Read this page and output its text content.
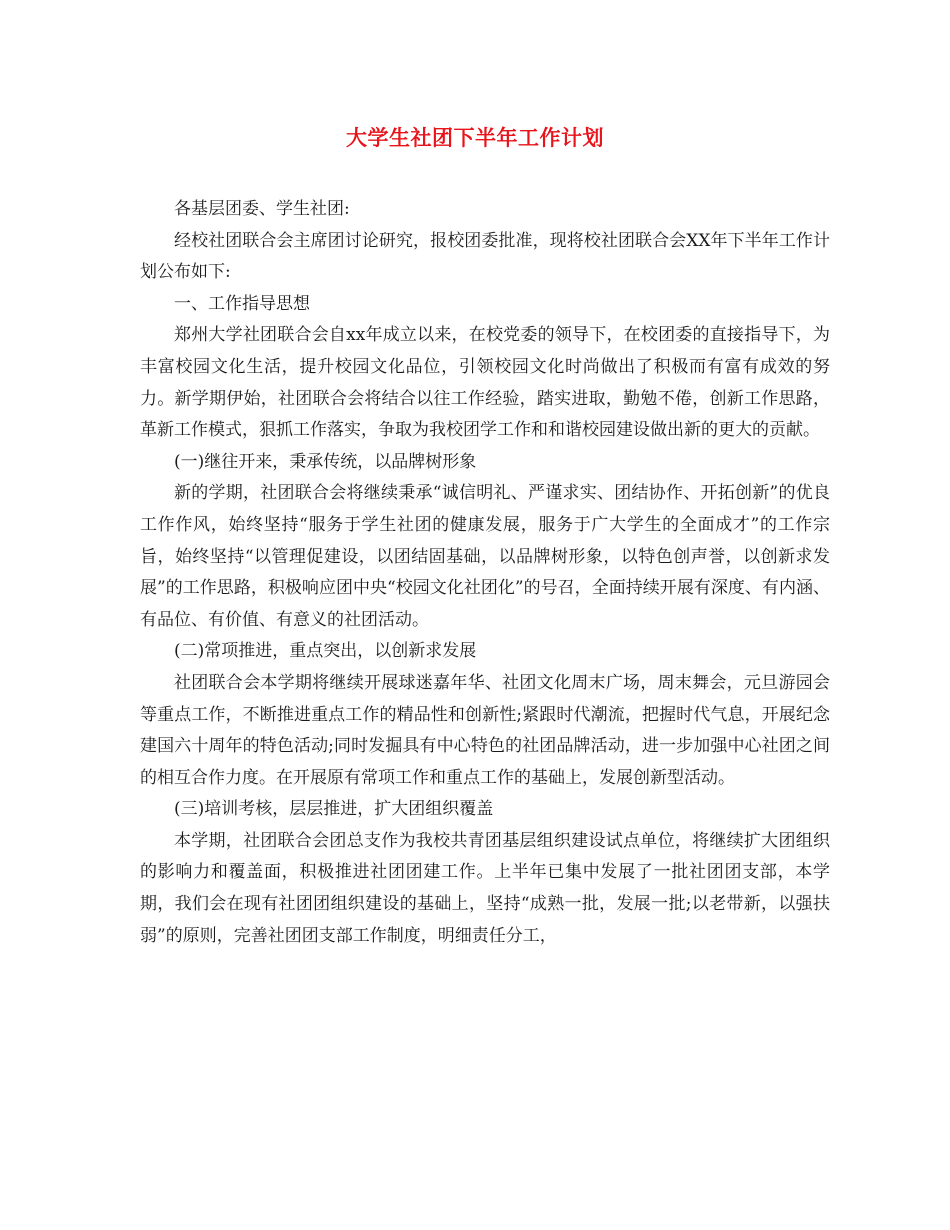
大学生社团下半年工作计划

各基层团委、学生社团:

经校社团联合会主席团讨论研究，报校团委批准，现将校社团联合会XX年下半年工作计划公布如下:

一、工作指导思想

郑州大学社团联合会自xx年成立以来，在校党委的领导下，在校团委的直接指导下，为丰富校园文化生活，提升校园文化品位，引领校园文化时尚做出了积极而有富有成效的努力。新学期伊始，社团联合会将结合以往工作经验，踏实进取，勤勉不倦，创新工作思路，革新工作模式，狠抓工作落实，争取为我校团学工作和和谐校园建设做出新的更大的贡献。

(一)继往开来，秉承传统，以品牌树形象

新的学期，社团联合会将继续秉承“诚信明礼、严谨求实、团结协作、开拓创新”的优良工作作风，始终坚持“服务于学生社团的健康发展，服务于广大学生的全面成才”的工作宗旨，始终坚持“以管理促建设，以团结固基础，以品牌树形象，以特色创声誉，以创新求发展”的工作思路，积极响应团中央“校园文化社团化”的号召，全面持续开展有深度、有内涵、有品位、有价值、有意义的社团活动。

(二)常项推进，重点突出，以创新求发展

社团联合会本学期将继续开展球迷嘉年华、社团文化周末广场，周末舞会，元旦游园会等重点工作，不断推进重点工作的精品性和创新性;紧跟时代潮流，把握时代气息，开展纪念建国六十周年的特色活动;同时发掘具有中心特色的社团品牌活动，进一步加强中心社团之间的相互合作力度。在开展原有常项工作和重点工作的基础上，发展创新型活动。

(三)培训考核，层层推进，扩大团组织覆盖

本学期，社团联合会团总支作为我校共青团基层组织建设试点单位，将继续扩大团组织的影响力和覆盖面，积极推进社团团建工作。上半年已集中发展了一批社团团支部，本学期，我们会在现有社团团组织建设的基础上，坚持“成熟一批，发展一批;以老带新，以强扶弱”的原则，完善社团团支部工作制度，明细责任分工，
